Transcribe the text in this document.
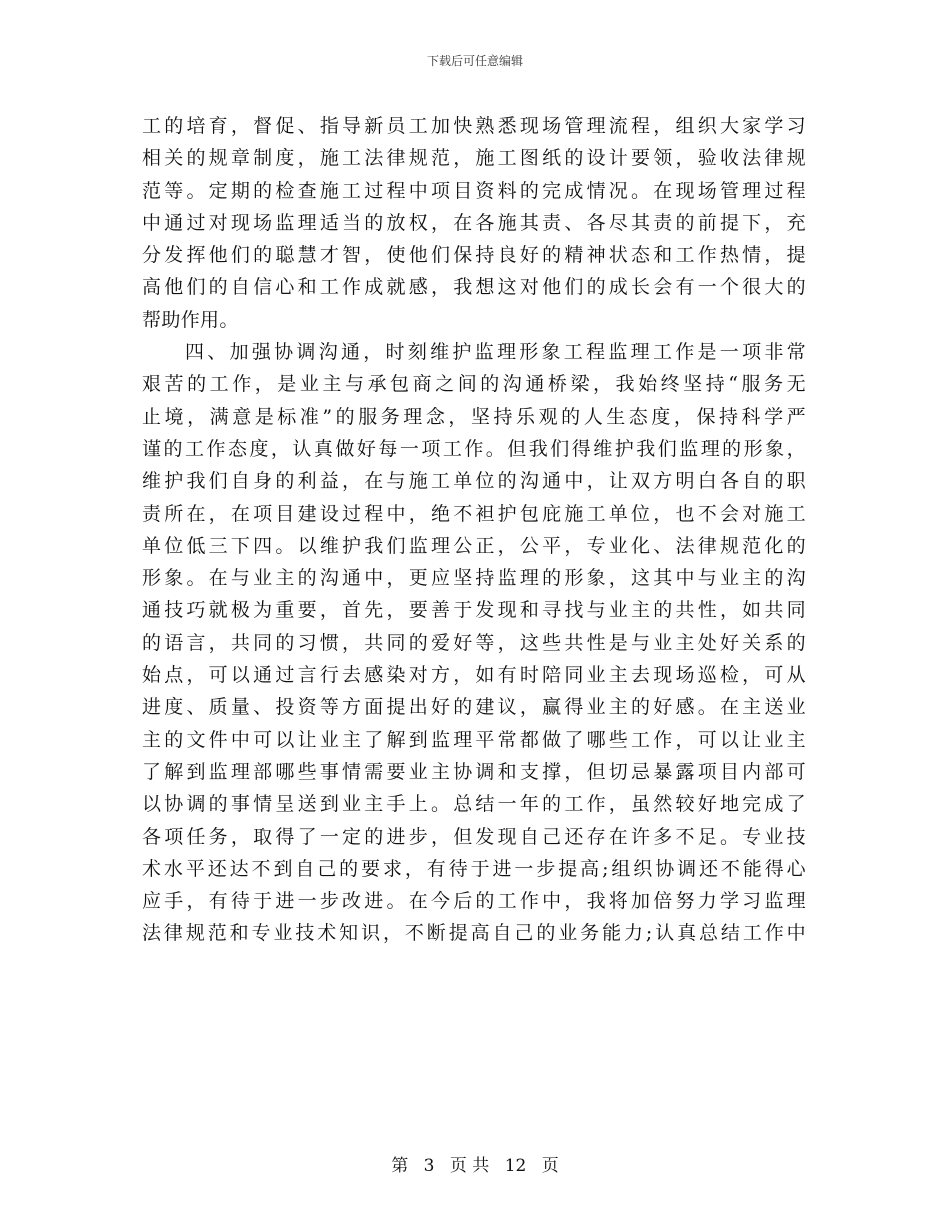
下载后可任意编辑
工的培育，督促、指导新员工加快熟悉现场管理流程，组织大家学习
相关的规章制度，施工法律规范，施工图纸的设计要领，验收法律规
范等。定期的检查施工过程中项目资料的完成情况。在现场管理过程
中通过对现场监理适当的放权，在各施其责、各尽其责的前提下，充
分发挥他们的聪慧才智，使他们保持良好的精神状态和工作热情，提
高他们的自信心和工作成就感，我想这对他们的成长会有一个很大的
帮助作用。
四、加强协调沟通，时刻维护监理形象工程监理工作是一项非常
艰苦的工作，是业主与承包商之间的沟通桥梁，我始终坚持“服务无
止境，满意是标准”的服务理念，坚持乐观的人生态度，保持科学严
谨的工作态度，认真做好每一项工作。但我们得维护我们监理的形象，
维护我们自身的利益，在与施工单位的沟通中，让双方明白各自的职
责所在，在项目建设过程中，绝不袒护包庇施工单位，也不会对施工
单位低三下四。以维护我们监理公正，公平，专业化、法律规范化的
形象。在与业主的沟通中，更应坚持监理的形象，这其中与业主的沟
通技巧就极为重要，首先，要善于发现和寻找与业主的共性，如共同
的语言，共同的习惯，共同的爱好等，这些共性是与业主处好关系的
始点，可以通过言行去感染对方，如有时陪同业主去现场巡检，可从
进度、质量、投资等方面提出好的建议，赢得业主的好感。在主送业
主的文件中可以让业主了解到监理平常都做了哪些工作，可以让业主
了解到监理部哪些事情需要业主协调和支撑，但切忌暴露项目内部可
以协调的事情呈送到业主手上。总结一年的工作，虽然较好地完成了
各项任务，取得了一定的进步，但发现自己还存在许多不足。专业技
术水平还达不到自己的要求，有待于进一步提高;组织协调还不能得心
应手，有待于进一步改进。在今后的工作中，我将加倍努力学习监理
法律规范和专业技术知识，不断提高自己的业务能力;认真总结工作中
第 3 页 共 12 页
